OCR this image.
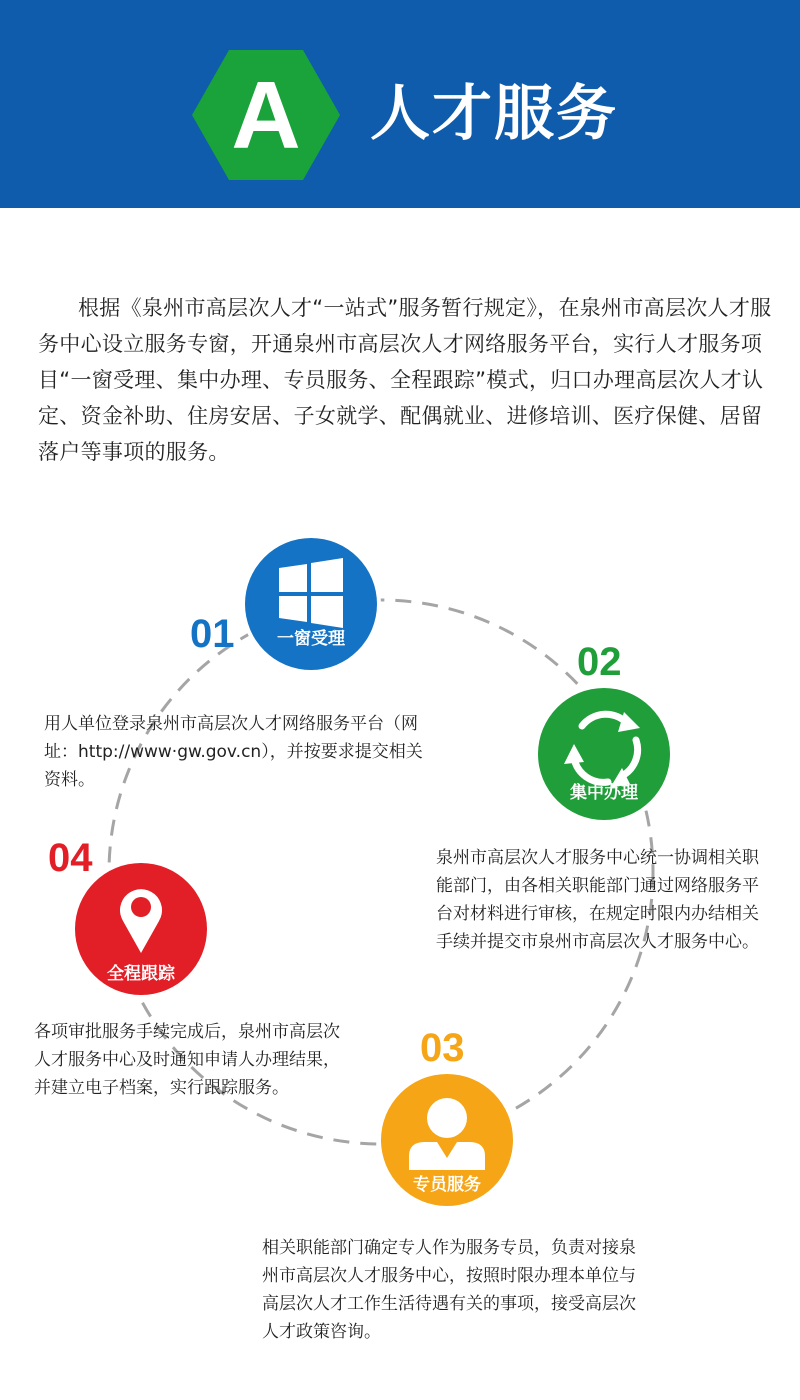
A 人才服务

根据《泉州市高层次人才“一站式”服务暂行规定》，在泉州市高层次人才服务中心设立服务专窗，开通泉州市高层次人才网络服务平台，实行人才服务项目“一窗受理、集中办理、专员服务、全程跟踪”模式，归口办理高层次人才认定、资金补助、住房安居、子女就学、配偶就业、进修培训、医疗保健、居留落户等事项的服务。

01	一窗受理

用人单位登录泉州市高层次人才网络服务平台（网址：http://www·gw.gov.cn），并按要求提交相关资料。

02
集中办理

泉州市高层次人才服务中心统一协调相关职能部门，由各相关职能部门通过网络服务平台对材料进行审核，在规定时限内办结相关手续并提交市泉州市高层次人才服务中心。

03
专员服务

相关职能部门确定专人作为服务专员，负责对接泉州市高层次人才服务中心，按照时限办理本单位与高层次人才工作生活待遇有关的事项，接受高层次人才政策咨询。

04
全程跟踪

各项审批服务手续完成后，泉州市高层次人才服务中心及时通知申请人办理结果，并建立电子档案，实行跟踪服务。
